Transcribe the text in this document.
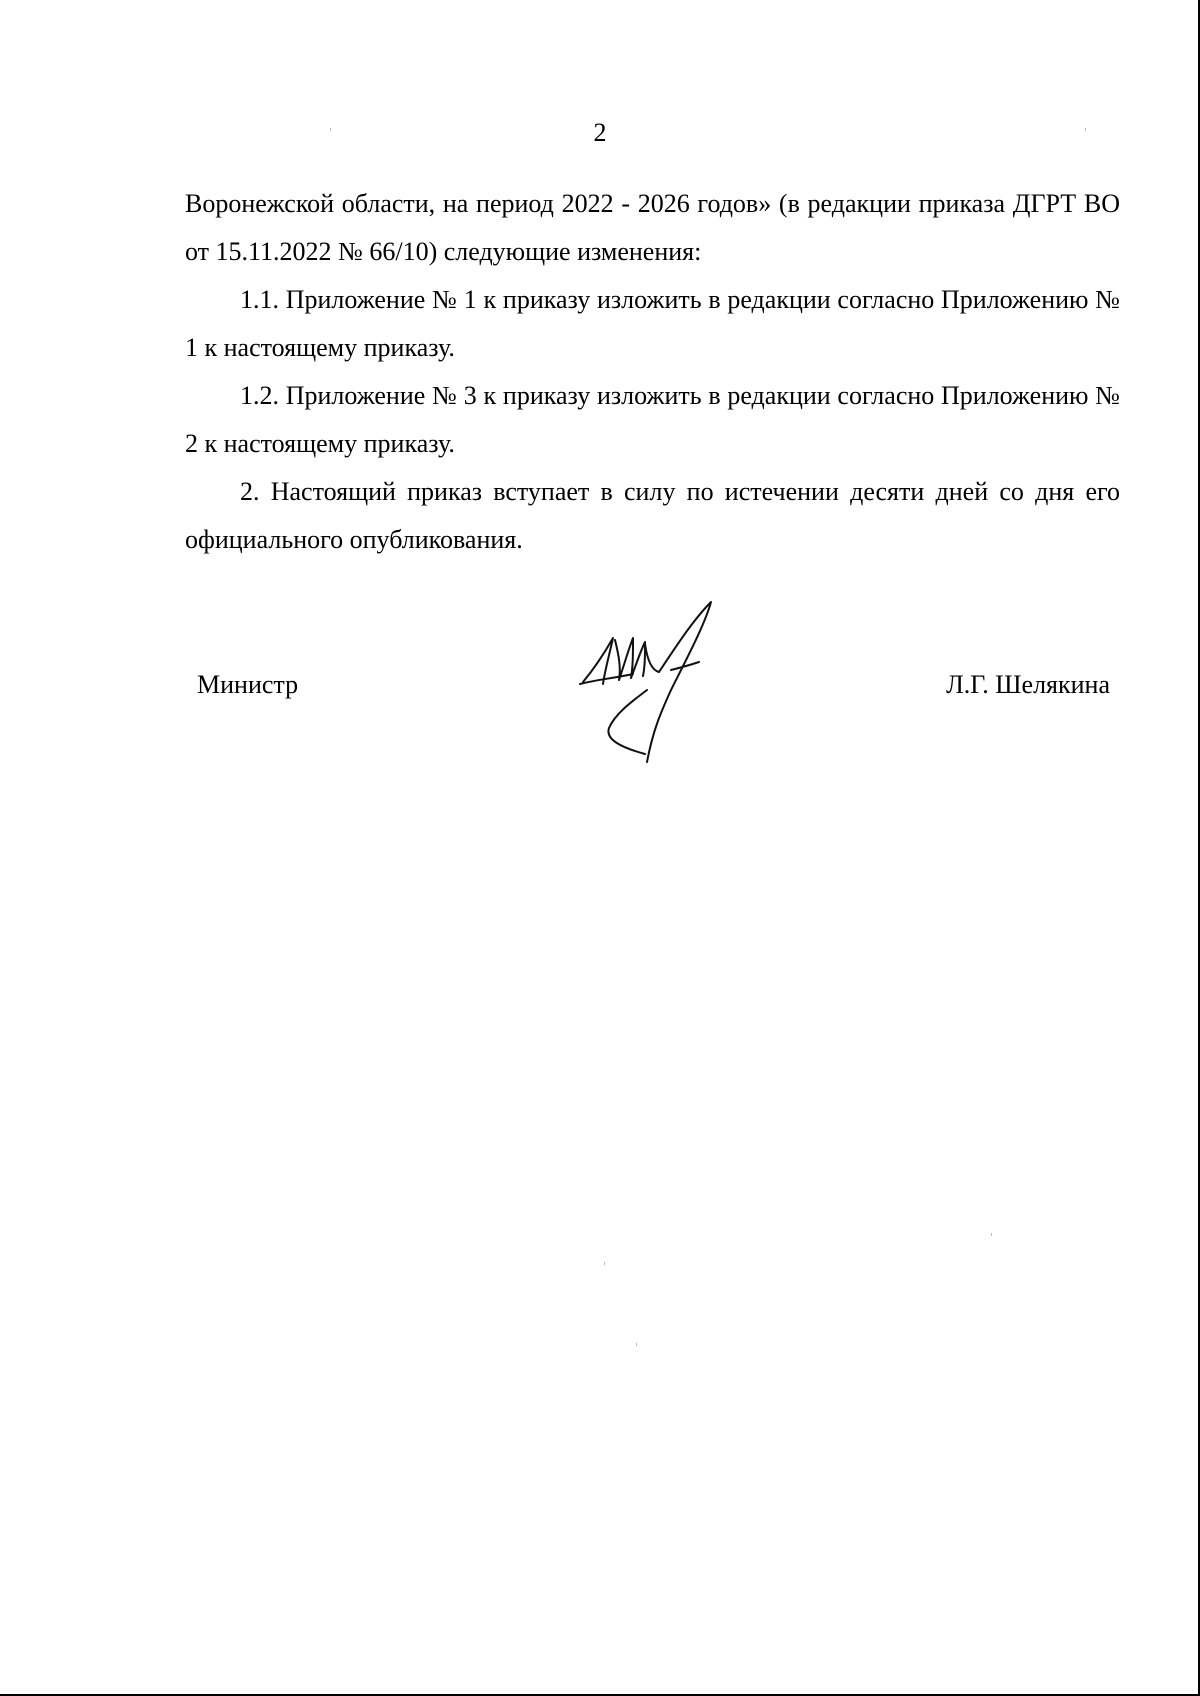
2

Воронежской области, на период 2022 - 2026 годов» (в редакции приказа ДГРТ ВО от 15.11.2022 № 66/10) следующие изменения:

1.1. Приложение № 1 к приказу изложить в редакции согласно Приложению № 1 к настоящему приказу.

1.2. Приложение № 3 к приказу изложить в редакции согласно Приложению № 2 к настоящему приказу.

2. Настоящий приказ вступает в силу по истечении десяти дней со дня его официального опубликования.

Министр	Л.Г. Шелякина
